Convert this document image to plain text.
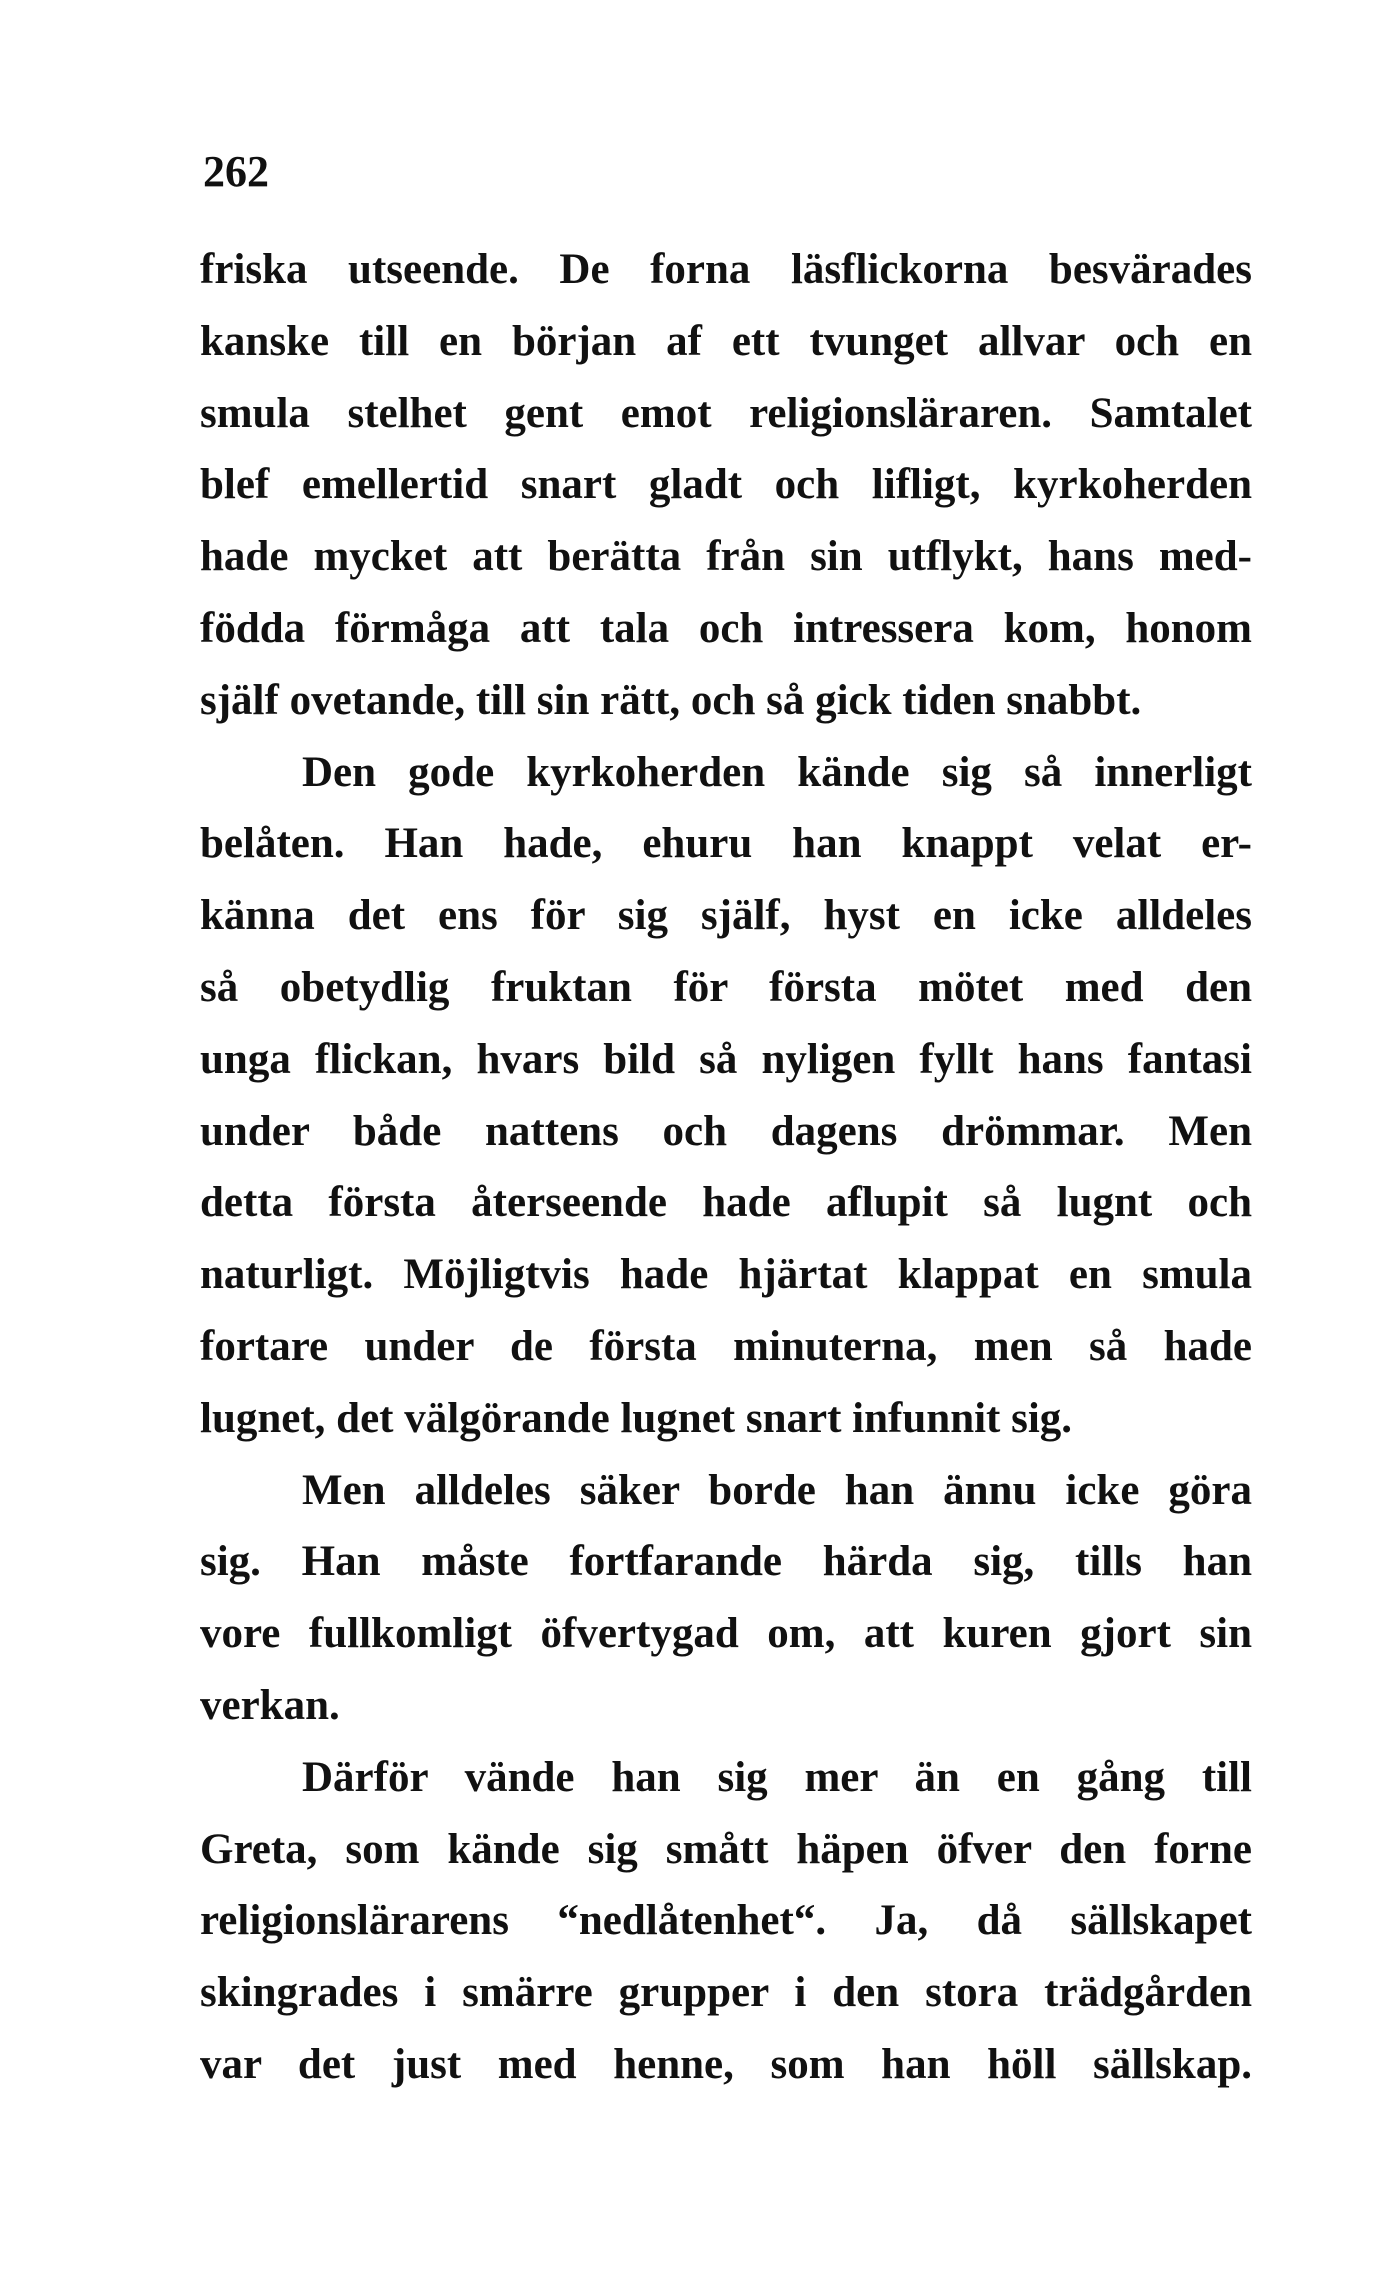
262
friska utseende. De forna läsflickorna besvärades
kanske till en början af ett tvunget allvar och en
smula stelhet gent emot religionsläraren. Samtalet
blef emellertid snart gladt och lifligt, kyrkoherden
hade mycket att berätta från sin utflykt, hans med-
födda förmåga att tala och intressera kom, honom
själf ovetande, till sin rätt, och så gick tiden snabbt.
Den gode kyrkoherden kände sig så innerligt
belåten. Han hade, ehuru han knappt velat er-
känna det ens för sig själf, hyst en icke alldeles
så obetydlig fruktan för första mötet med den
unga flickan, hvars bild så nyligen fyllt hans fantasi
under både nattens och dagens drömmar. Men
detta första återseende hade aflupit så lugnt och
naturligt. Möjligtvis hade hjärtat klappat en smula
fortare under de första minuterna, men så hade
lugnet, det välgörande lugnet snart infunnit sig.
Men alldeles säker borde han ännu icke göra
sig. Han måste fortfarande härda sig, tills han
vore fullkomligt öfvertygad om, att kuren gjort sin
verkan.
Därför vände han sig mer än en gång till
Greta, som kände sig smått häpen öfver den forne
religionslärarens “nedlåtenhet“. Ja, då sällskapet
skingrades i smärre grupper i den stora trädgården
var det just med henne, som han höll sällskap.
